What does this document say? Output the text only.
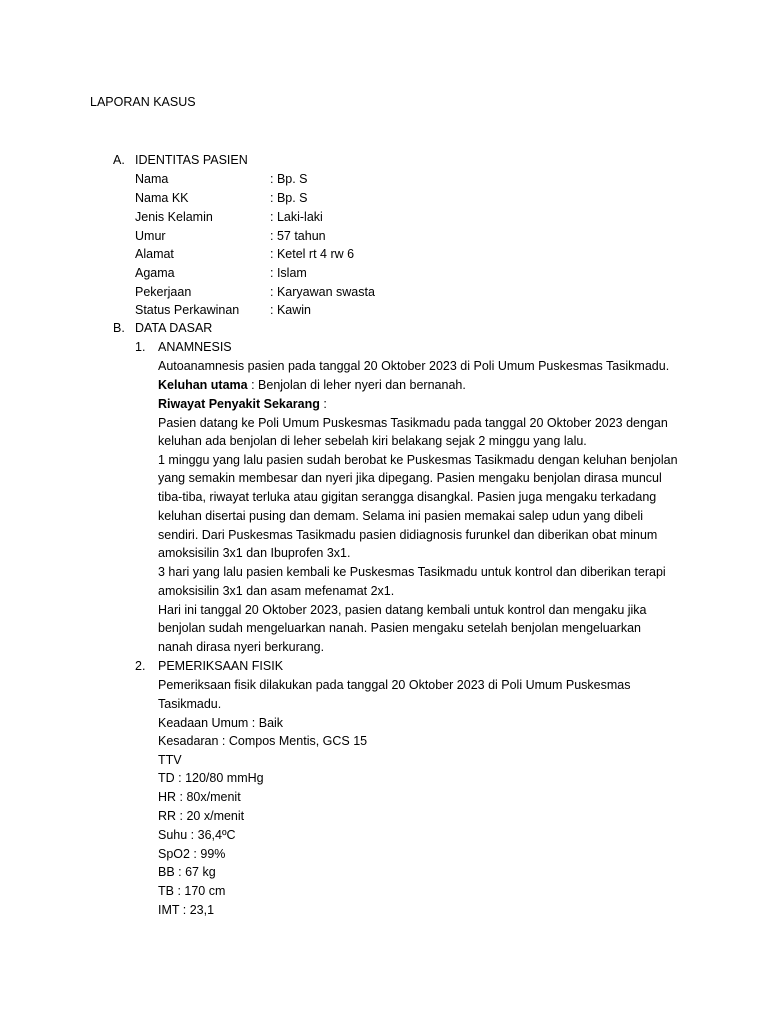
LAPORAN KASUS
A. IDENTITAS PASIEN
Nama	: Bp. S
Nama KK	: Bp. S
Jenis Kelamin	: Laki-laki
Umur	: 57 tahun
Alamat	: Ketel rt 4 rw 6
Agama	: Islam
Pekerjaan	: Karyawan swasta
Status Perkawinan : Kawin
B. DATA DASAR
1. ANAMNESIS
Autoanamnesis pasien pada tanggal 20 Oktober 2023 di Poli Umum Puskesmas Tasikmadu.
Keluhan utama : Benjolan di leher nyeri dan bernanah.
Riwayat Penyakit Sekarang :
Pasien datang ke Poli Umum Puskesmas Tasikmadu pada tanggal 20 Oktober 2023 dengan
keluhan ada benjolan di leher sebelah kiri belakang sejak 2 minggu yang lalu.
1 minggu yang lalu pasien sudah berobat ke Puskesmas Tasikmadu dengan keluhan benjolan
yang semakin membesar dan nyeri jika dipegang. Pasien mengaku benjolan dirasa muncul
tiba-tiba, riwayat terluka atau gigitan serangga disangkal. Pasien juga mengaku terkadang
keluhan disertai pusing dan demam. Selama ini pasien memakai salep udun yang dibeli
sendiri. Dari Puskesmas Tasikmadu pasien didiagnosis furunkel dan diberikan obat minum
amoksisilin 3x1 dan Ibuprofen 3x1.
3 hari yang lalu pasien kembali ke Puskesmas Tasikmadu untuk kontrol dan diberikan terapi
amoksisilin 3x1 dan asam mefenamat 2x1.
Hari ini tanggal 20 Oktober 2023, pasien datang kembali untuk kontrol dan mengaku jika
benjolan sudah mengeluarkan nanah. Pasien mengaku setelah benjolan mengeluarkan
nanah dirasa nyeri berkurang.
2. PEMERIKSAAN FISIK
Pemeriksaan fisik dilakukan pada tanggal 20 Oktober 2023 di Poli Umum Puskesmas
Tasikmadu.
Keadaan Umum : Baik
Kesadaran : Compos Mentis, GCS 15
TTV
TD : 120/80 mmHg
HR : 80x/menit
RR : 20 x/menit
Suhu : 36,4ºC
SpO2 : 99%
BB : 67 kg
TB : 170 cm
IMT : 23,1
